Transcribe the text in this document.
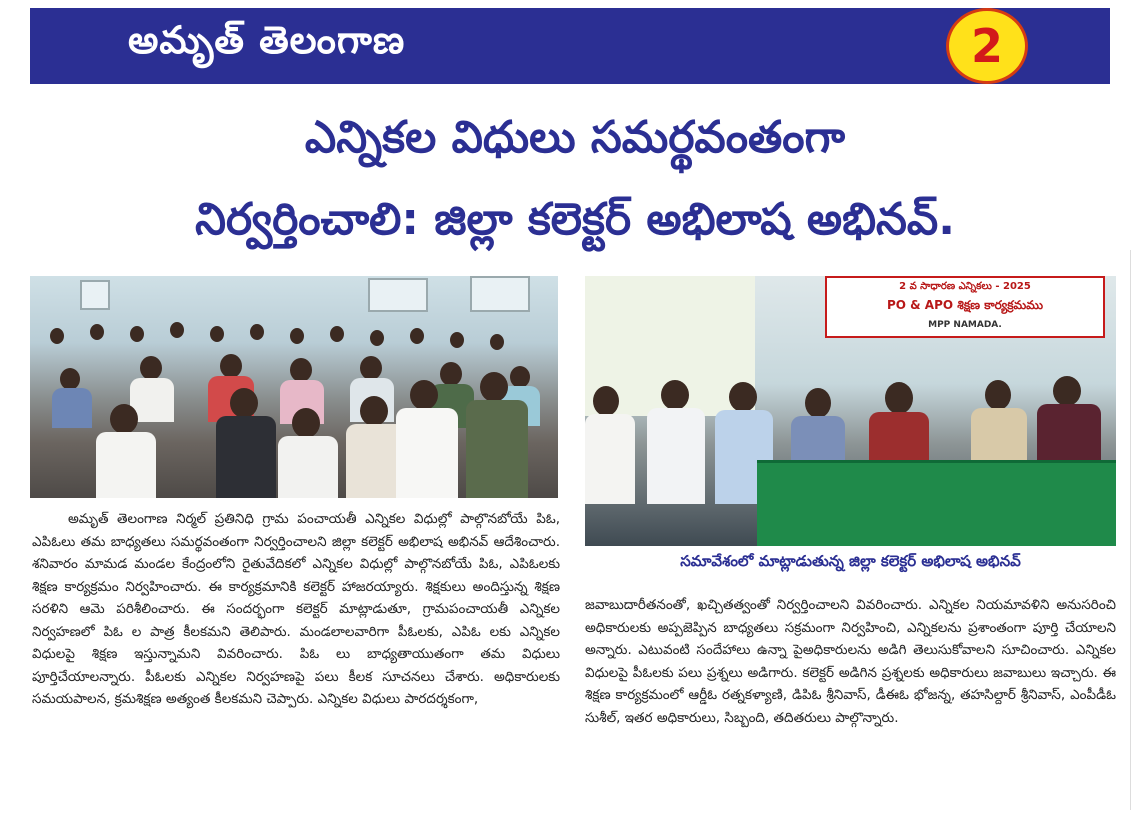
అమృత్ తెలంగాణ	2
ఎన్నికల విధులు సమర్థవంతంగా
నిర్వర్తించాలి: జిల్లా కలెక్టర్ అభిలాష అభినవ్.
2 వ సాధారణ ఎన్నికలు - 2025
PO & APO శిక్షణ కార్యక్రమము
MPP NAMADA.
సమావేశంలో మాట్లాడుతున్న జిల్లా కలెక్టర్ అభిలాష అభినవ్
అమృత్ తెలంగాణ నిర్మల్ ప్రతినిధి గ్రామ పంచాయతీ ఎన్నికల విధుల్లో పాల్గొనబోయే పిఓ, ఎపిఓలు తమ బాధ్యతలు సమర్థవంతంగా నిర్వర్తించాలని జిల్లా కలెక్టర్ అభిలాష అభినవ్ ఆదేశించారు. శనివారం మామడ మండల కేంద్రంలోని రైతువేదికలో ఎన్నికల విధుల్లో పాల్గొనబోయే పిఓ, ఎపిఓలకు శిక్షణ కార్యక్రమం నిర్వహించారు. ఈ కార్యక్రమానికి కలెక్టర్ హాజరయ్యారు. శిక్షకులు అందిస్తున్న శిక్షణ సరళిని ఆమె పరిశీలించారు. ఈ సందర్భంగా కలెక్టర్ మాట్లాడుతూ, గ్రామపంచాయతీ ఎన్నికల నిర్వహణలో పిఓ ల పాత్ర కీలకమని తెలిపారు. మండలాలవారిగా పీఓలకు, ఎపిఓ లకు ఎన్నికల విధులపై శిక్షణ ఇస్తున్నామని వివరించారు. పిఓ లు బాధ్యతాయుతంగా తమ విధులు పూర్తిచేయాలన్నారు. పీఓలకు ఎన్నికల నిర్వహణపై పలు కీలక సూచనలు చేశారు. అధికారులకు సమయపాలన, క్రమశిక్షణ అత్యంత కీలకమని చెప్పారు. ఎన్నికల విధులు పారదర్శకంగా,
జవాబుదారీతనంతో, ఖచ్చితత్వంతో నిర్వర్తించాలని వివరించారు. ఎన్నికల నియమావళిని అనుసరించి అధికారులకు అప్పజెప్పిన బాధ్యతలు సక్రమంగా నిర్వహించి, ఎన్నికలను ప్రశాంతంగా పూర్తి చేయాలని అన్నారు. ఎటువంటి సందేహాలు ఉన్నా పైఅధికారులను అడిగి తెలుసుకోవాలని సూచించారు. ఎన్నికల విధులపై పీఓలకు పలు ప్రశ్నలు అడిగారు. కలెక్టర్ అడిగిన ప్రశ్నలకు అధికారులు జవాబులు ఇచ్చారు. ఈ శిక్షణ కార్యక్రమంలో ఆర్డీఓ రత్నకళ్యాణి, డిపిఓ శ్రీనివాస్, డీఈఓ భోజన్న, తహసిల్దార్ శ్రీనివాస్, ఎంపీడీఓ సుశీల్, ఇతర అధికారులు, సిబ్బంది, తదితరులు పాల్గొన్నారు.
